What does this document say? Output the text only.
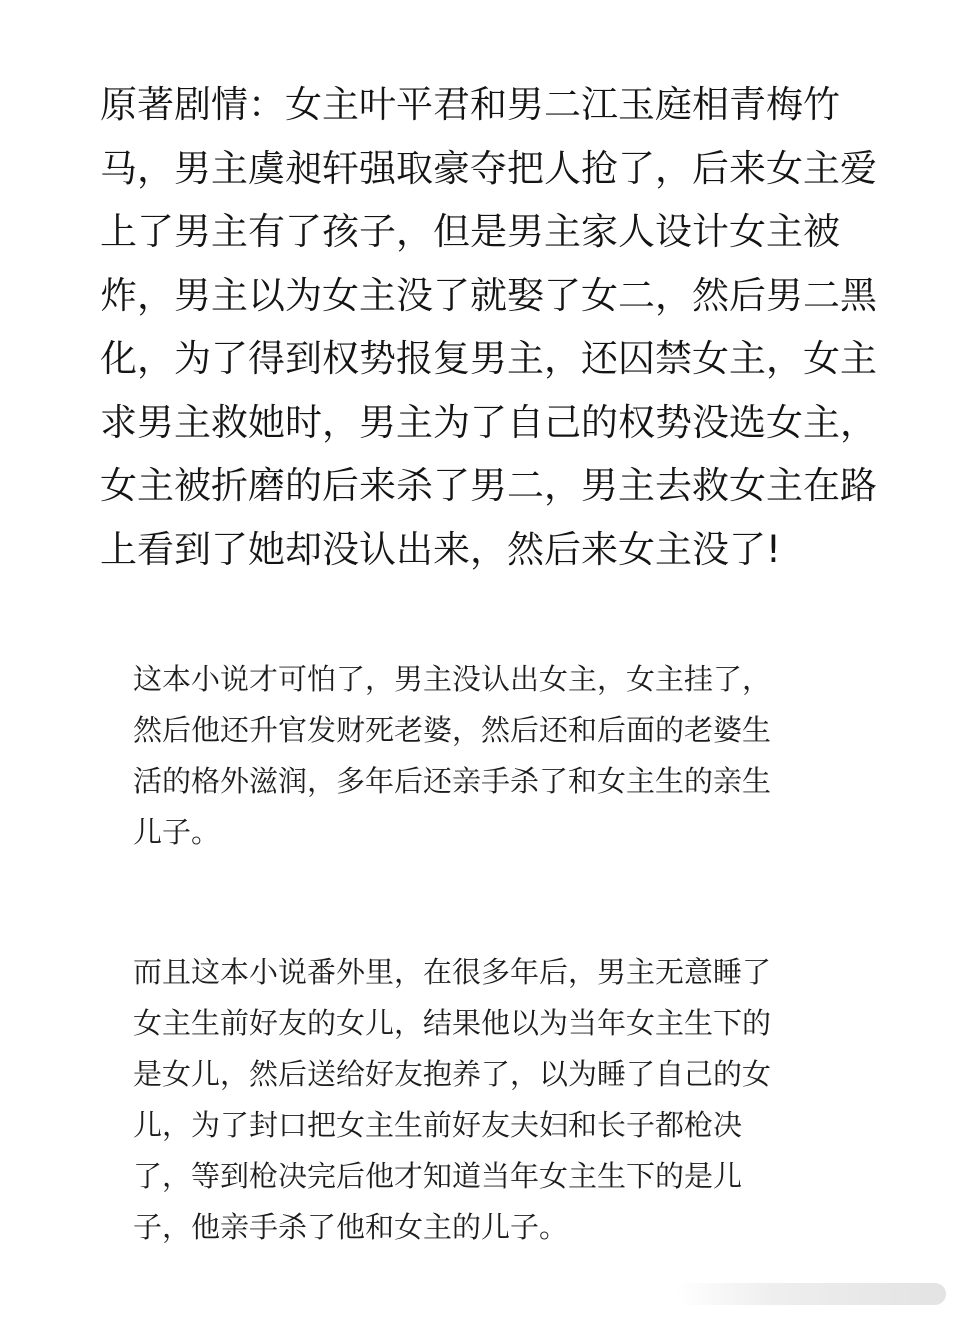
原著剧情：女主叶平君和男二江玉庭相青梅竹
马，男主虞昶轩强取豪夺把人抢了，后来女主爱
上了男主有了孩子，但是男主家人设计女主被
炸，男主以为女主没了就娶了女二，然后男二黑
化，为了得到权势报复男主，还囚禁女主，女主
求男主救她时，男主为了自己的权势没选女主，
女主被折磨的后来杀了男二，男主去救女主在路
上看到了她却没认出来，然后来女主没了!
这本小说才可怕了，男主没认出女主，女主挂了，
然后他还升官发财死老婆，然后还和后面的老婆生
活的格外滋润，多年后还亲手杀了和女主生的亲生
儿子。
而且这本小说番外里，在很多年后，男主无意睡了
女主生前好友的女儿，结果他以为当年女主生下的
是女儿，然后送给好友抱养了，以为睡了自己的女
儿，为了封口把女主生前好友夫妇和长子都枪决
了，等到枪决完后他才知道当年女主生下的是儿
子，他亲手杀了他和女主的儿子。
